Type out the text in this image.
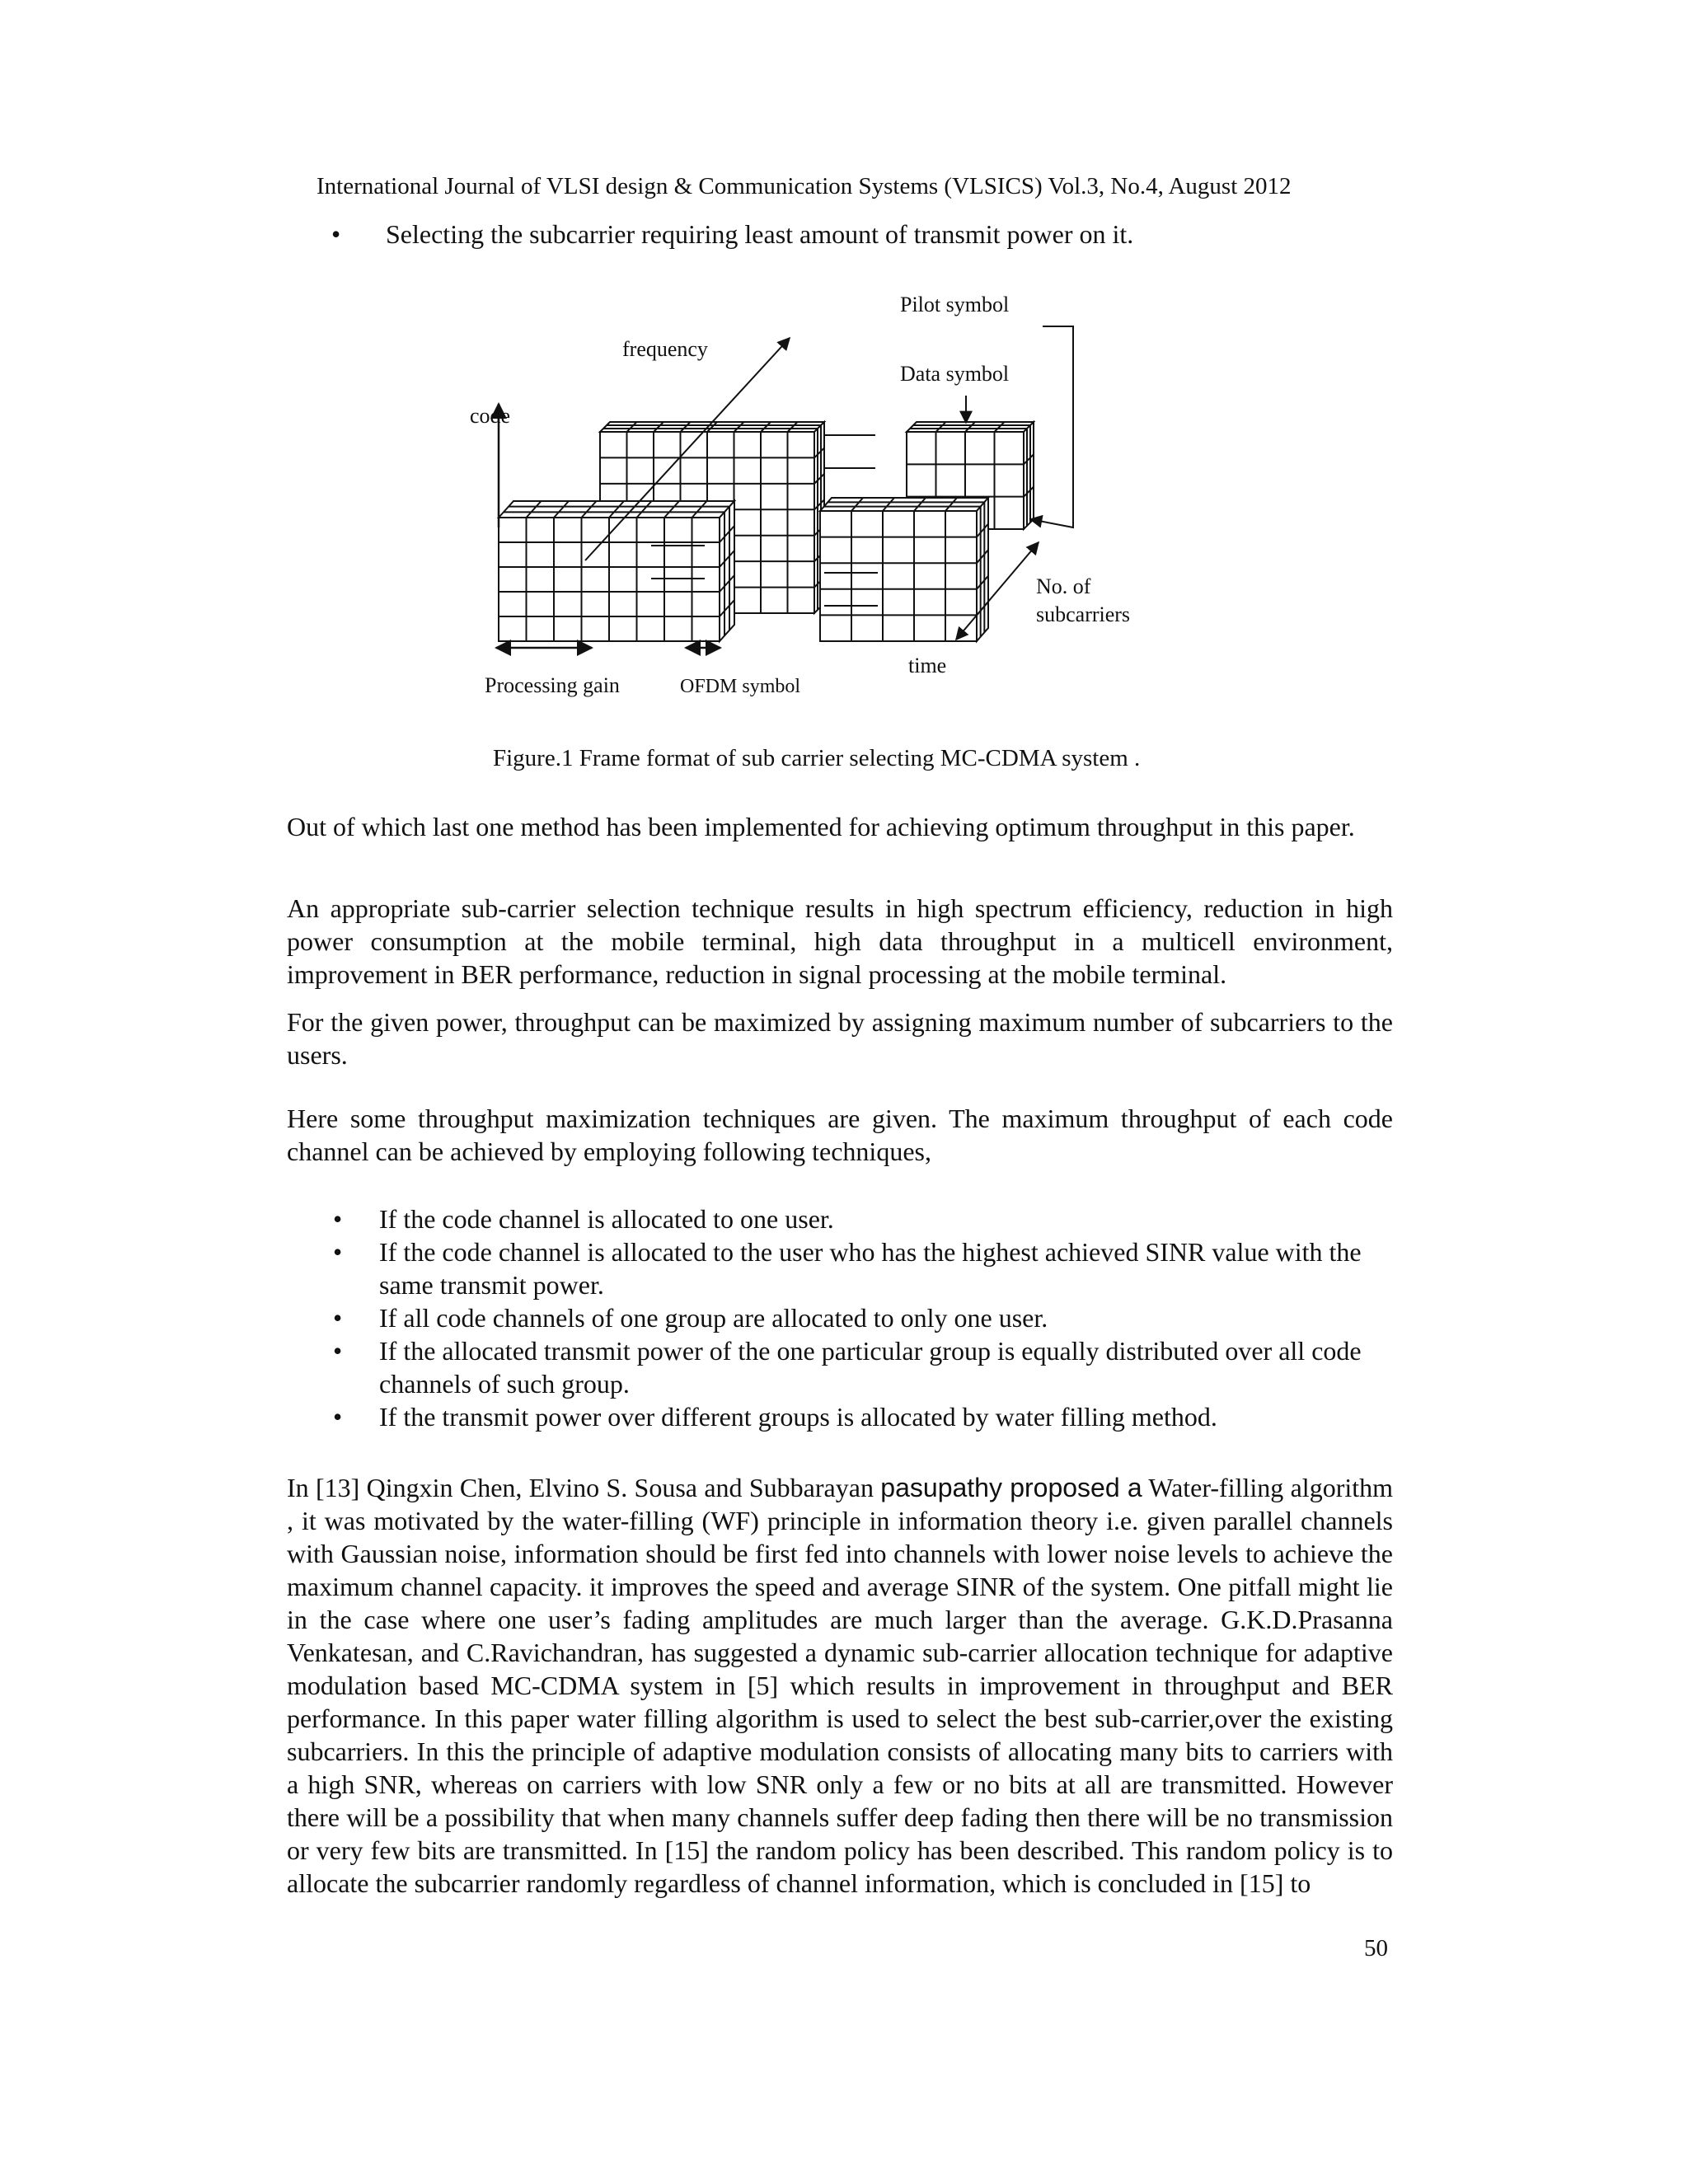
International Journal of VLSI design & Communication Systems (VLSICS) Vol.3, No.4, August 2012
• Selecting the subcarrier requiring least amount of transmit power on it.
Pilot symbol
frequency
Data symbol
code
No. of
subcarriers
time
Processing gain	OFDM symbol
Figure.1 Frame format of sub carrier selecting MC-CDMA system .

Out of which last one method has been implemented for achieving optimum throughput in this paper.

An appropriate sub-carrier selection technique results in high spectrum efficiency, reduction in high power consumption at the mobile terminal, high data throughput in a multicell environment, improvement in BER performance, reduction in signal processing at the mobile terminal.

For the given power, throughput can be maximized by assigning maximum number of subcarriers to the users.

Here some throughput maximization techniques are given. The maximum throughput of each code channel can be achieved by employing following techniques,

• If the code channel is allocated to one user.
• If the code channel is allocated to the user who has the highest achieved SINR value with the same transmit power.
• If all code channels of one group are allocated to only one user.
• If the allocated transmit power of the one particular group is equally distributed over all code channels of such group.
• If the transmit power over different groups is allocated by water filling method.

In [13] Qingxin Chen, Elvino S. Sousa and Subbarayan pasupathy proposed a Water-filling algorithm , it was motivated by the water-filling (WF) principle in information theory i.e. given parallel channels with Gaussian noise, information should be first fed into channels with lower noise levels to achieve the maximum channel capacity. it improves the speed and average SINR of the system. One pitfall might lie in the case where one user’s fading amplitudes are much larger than the average. G.K.D.Prasanna Venkatesan, and C.Ravichandran, has suggested a dynamic sub-carrier allocation technique for adaptive modulation based MC-CDMA system in [5] which results in improvement in throughput and BER performance. In this paper water filling algorithm is used to select the best sub-carrier,over the existing subcarriers. In this the principle of adaptive modulation consists of allocating many bits to carriers with a high SNR, whereas on carriers with low SNR only a few or no bits at all are transmitted. However there will be a possibility that when many channels suffer deep fading then there will be no transmission or very few bits are transmitted. In [15] the random policy has been described. This random policy is to allocate the subcarrier randomly regardless of channel information, which is concluded in [15] to

50
